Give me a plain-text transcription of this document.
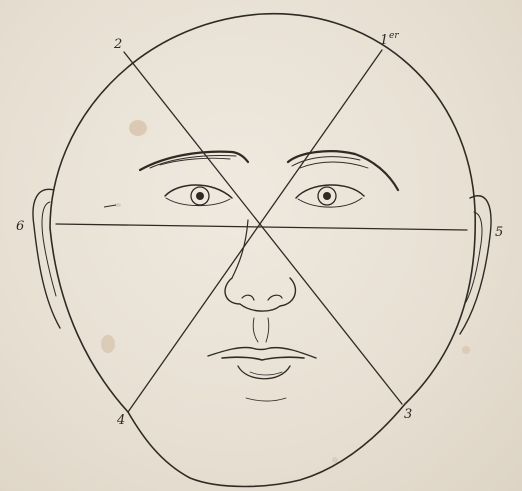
1 er
2
3
4
5
6
